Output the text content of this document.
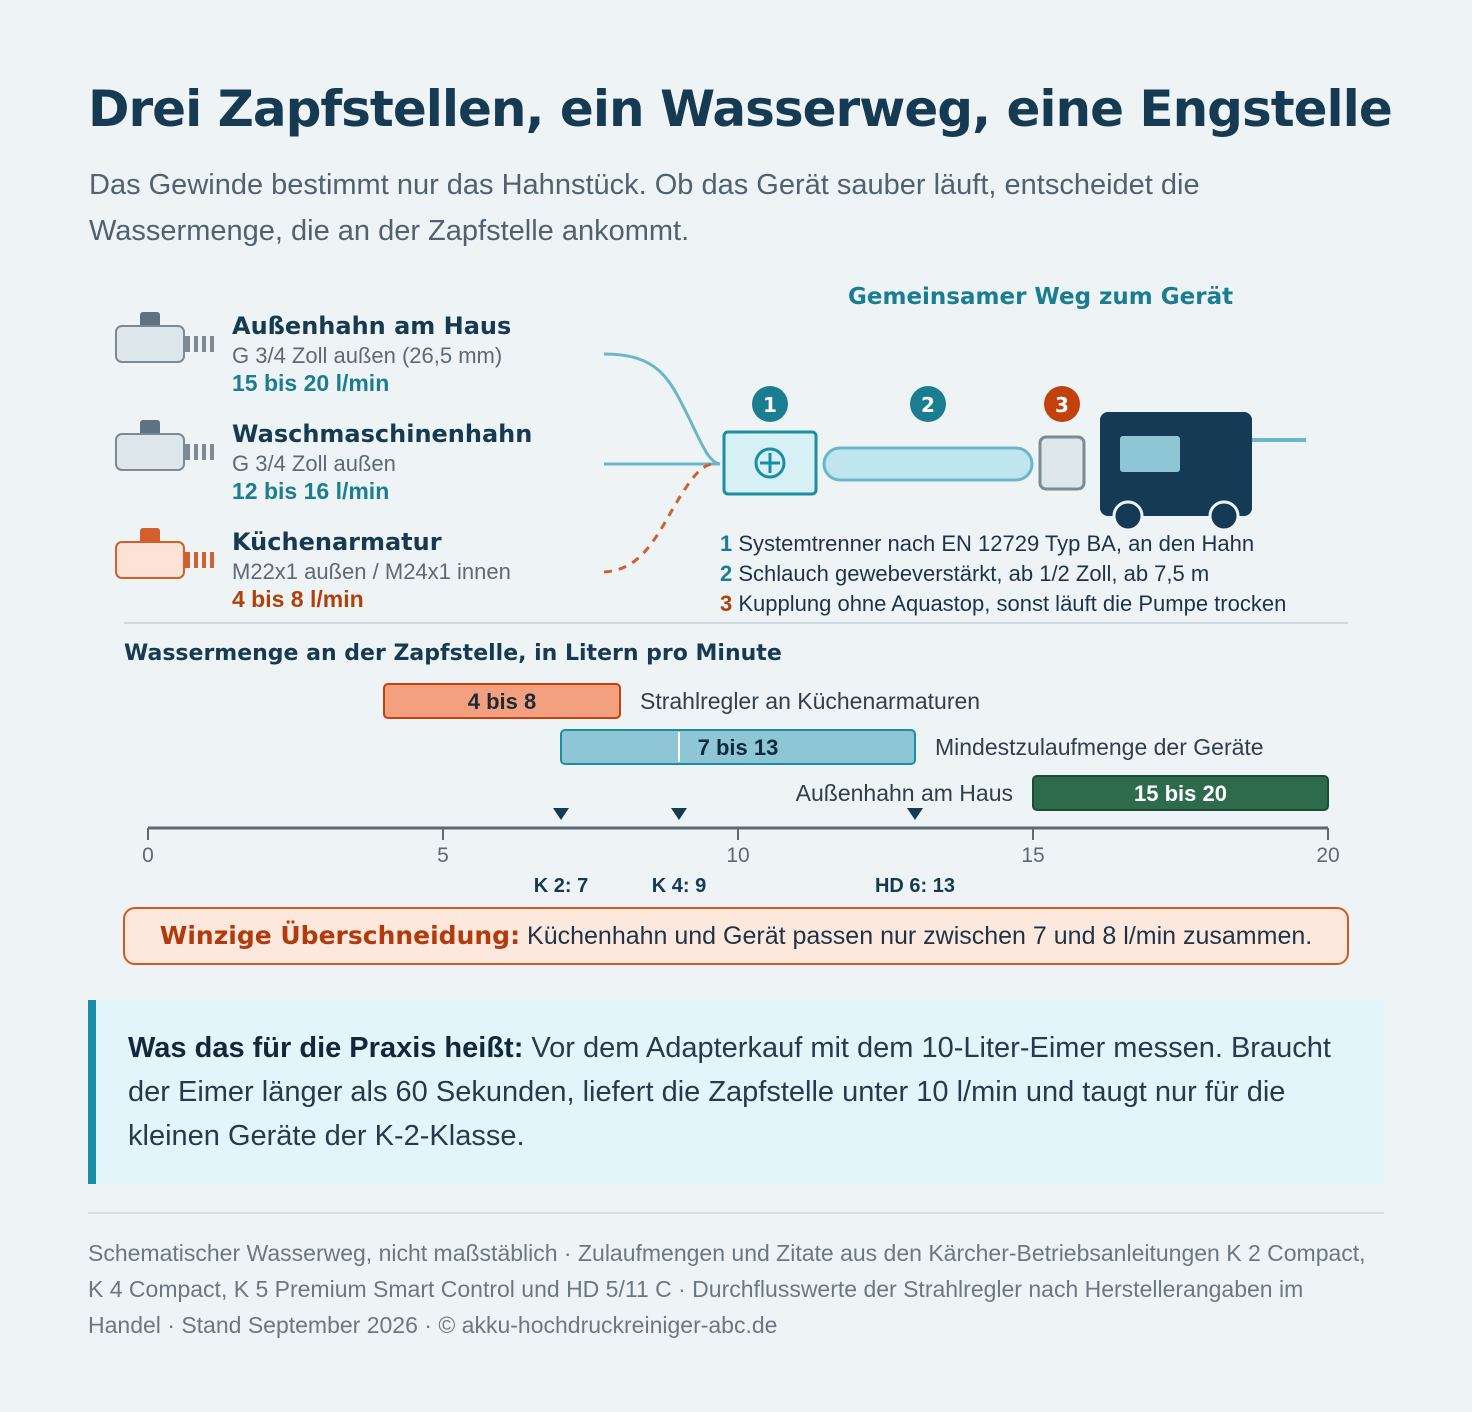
Drei Zapfstellen, ein Wasserweg, eine Engstelle
Das Gewinde bestimmt nur das Hahnstück. Ob das Gerät sauber läuft, entscheidet die Wassermenge, die an der Zapfstelle ankommt.
Außenhahn am Haus
G 3/4 Zoll außen (26,5 mm)
15 bis 20 l/min
Waschmaschinenhahn
G 3/4 Zoll außen
12 bis 16 l/min
Küchenarmatur
M22x1 außen / M24x1 innen
4 bis 8 l/min
Gemeinsamer Weg zum Gerät
1	2	3
1 Systemtrenner nach EN 12729 Typ BA, an den Hahn
2 Schlauch gewebeverstärkt, ab 1/2 Zoll, ab 7,5 m
3 Kupplung ohne Aquastop, sonst läuft die Pumpe trocken
Wassermenge an der Zapfstelle, in Litern pro Minute
4 bis 8	Strahlregler an Küchenarmaturen
7 bis 13	Mindestzulaufmenge der Geräte
15 bis 20
Außenhahn am Haus
0	5	10	15	20
K 2: 7	K 4: 9	HD 6: 13
Winzige Überschneidung: Küchenhahn und Gerät passen nur zwischen 7 und 8 l/min zusammen.
Was das für die Praxis heißt: Vor dem Adapterkauf mit dem 10-Liter-Eimer messen. Braucht der Eimer länger als 60 Sekunden, liefert die Zapfstelle unter 10 l/min und taugt nur für die kleinen Geräte der K-2-Klasse.
Schematischer Wasserweg, nicht maßstäblich · Zulaufmengen und Zitate aus den Kärcher-Betriebsanleitungen K 2 Compact, K 4 Compact, K 5 Premium Smart Control und HD 5/11 C · Durchflusswerte der Strahlregler nach Herstellerangaben im Handel · Stand September 2026 · © akku-hochdruckreiniger-abc.de
